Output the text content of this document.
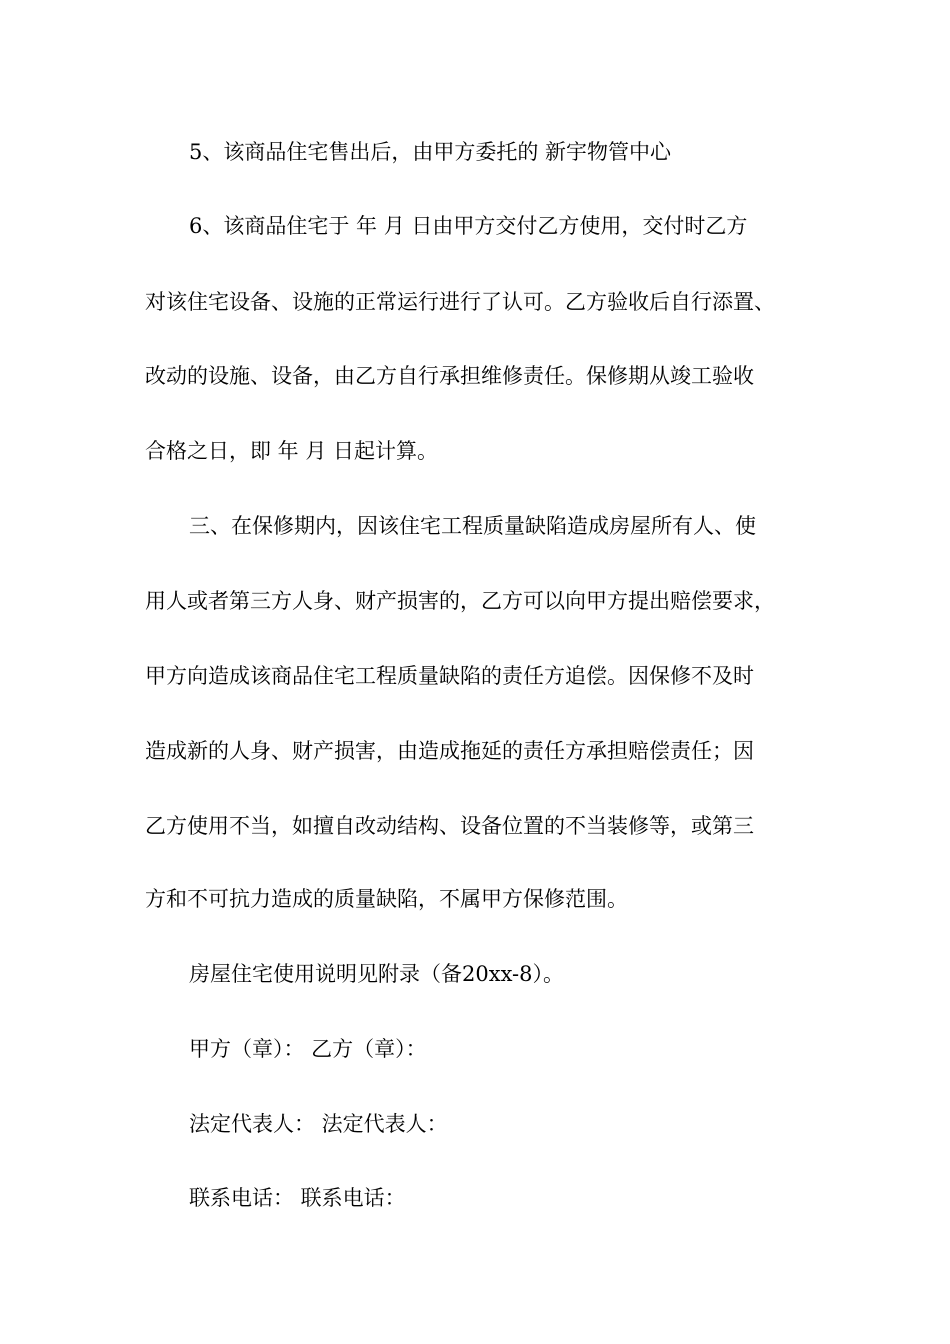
5、该商品住宅售出后，由甲方委托的 新宇物管中心
6、该商品住宅于 年 月 日由甲方交付乙方使用，交付时乙方
对该住宅设备、设施的正常运行进行了认可。乙方验收后自行添置、
改动的设施、设备，由乙方自行承担维修责任。保修期从竣工验收
合格之日，即 年 月 日起计算。
三、在保修期内，因该住宅工程质量缺陷造成房屋所有人、使
用人或者第三方人身、财产损害的，乙方可以向甲方提出赔偿要求，
甲方向造成该商品住宅工程质量缺陷的责任方追偿。因保修不及时
造成新的人身、财产损害，由造成拖延的责任方承担赔偿责任；因
乙方使用不当，如擅自改动结构、设备位置的不当装修等，或第三
方和不可抗力造成的质量缺陷，不属甲方保修范围。
房屋住宅使用说明见附录（备20xx-8）。
甲方（章）： 乙方（章）：
法定代表人： 法定代表人：
联系电话： 联系电话：
